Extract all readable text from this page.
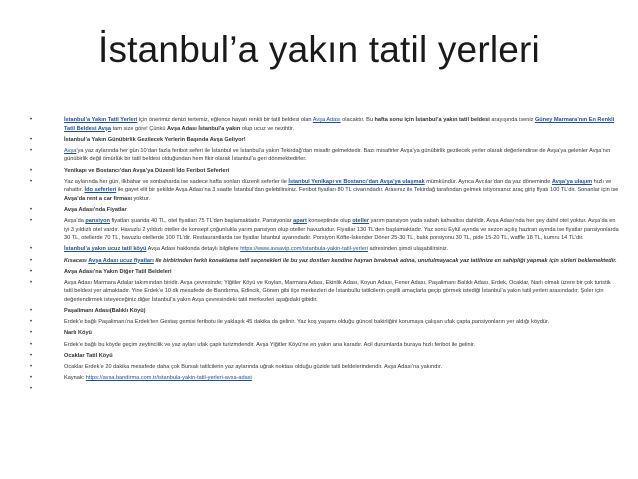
İstanbul’a yakın tatil yerleri
•	İstanbul’a Yakın Tatil Yerleri için önerimiz denizi tertemiz, eğlence hayatı renkli bir tatil beldesi olan Avşa Adası olacaktır. Bu hafta sonu için İstanbul’a yakın tatil beldesi arayışında iseniz Güney Marmara’nın En Renkli Tatil Beldesi Avşa tam size göre! Çünkü Avşa Adası İstanbul’a yakın olup ucuz ve nezihtir.
•	İstanbul’a Yakın Günübirlik Gezilecek Yerlerin Başında Avşa Geliyor!
•	Avşa’ya yaz aylarında her gün 10’dan fazla feribot seferi ile İstanbul ve İstanbul’a yakın Tekirdağ’dan misafir gelmektedir. Bazı misafirler Avşa’ya günübirlik gezilecek yerler olarak değerlendirse de Avşa’ya gelenler Avşa’nın günübirlik değil ömürlük bir tatil beldesi olduğundan hem fikir olarak İstanbul’a geri dönmektedirler.
•	Yenikapı ve Bostancı’dan Avşa’ya Düzenli İdo Feribot Seferleri
•	Yaz aylarında her gün, ilkbahar ve sonbaharda ise sadece hafta sonları düzenli seferler ile İstanbul Yenikapı ve Bostancı’dan Avşa’ya ulaşmak mümkündür. Ayrıca Avcılar’dan da yaz döneminde Avşa’ya ulaşım hızlı ve rahattır. İdo seferleri ile gayet elit bir şekilde Avşa Adası’na 3 saatte İstanbul’dan gelebilirsiniz. Feribot fiyatları 80 TL civarındadır. Arasınız ile Tekirdağ tarafından gelmek istiyorsanız araç giriş fiyatı 100 TL’dir. Sonanlar için ise Avşa’da rent a car firması yoktur.
•	Avşa Adası’nda Fiyatlar
•	Avşa’da pansiyon fiyatları şuanda 40 TL, otel fiyatları 75 TL’den başlamaktadır. Pansiyonlar apart konseptinde olup oteller yarım pansiyon yada sabah kahvaltısı dahildir. Avşa Adası’nda her şey dahil otel yoktur. Avşa’da en iyi 3 yıldızlı otel vardır. Havuzlu 2 yıldızlı oteller de konsept çoğunlukla yarım pansiyon olup oteller havuzludur. Fiyatlar 130 TL’den başlamaktadır. Yaz sonu Eylül ayında ve sezon açılış haziran ayında ise fiyatlar pansiyonlarda 30 TL, otellerde 70 TL, havuzlu otellerde 100 TL’dir. Restaurantlarda ise fiyatlar İstanbul ayarındadır. Porsiyon Köfte-İskender Döner 25-30 TL, balık porsiyonu 30 TL, pide 15-20 TL, waffle 18 TL, kumru 14 TL’dir.
•	İstanbul’a yakın ucuz tatil köyü Avşa Adası hakkında detaylı bilgilere https://www.avsavip.com/istanbula-yakin-tatil-yerleri adresinden şimdi ulaşabilirsiniz.
•	Kısacası Avşa Adası ucuz fiyatları ile birbirinden farklı konaklama tatil seçenekleri ile bu yaz dostları kendine hayran bırakmak adına, unutulmayacak yaz tatilinize en sahipliği yapmak için sizleri beklemektedir.
•	Avşa Adası’na Yakın Diğer Tatil Beldeleri
•	Avşa Adası Marmara Adalar takımından biridir. Avşa çevresinde; Yiğitler Köyü ve Koylan, Marmara Adası, Ekinlik Adası, Koyun Adası, Fener Adası, Paşalimanı Balıklı Adası, Erdek, Ocaklar, Narlı olmak üzere bir çok turistik tatil beldesi yer almaktadır. Yine Erdek’e 10 dk mesafede de Bandırma, Edincik, Gönen gibi ilçe merkezleri de İstanbullu tatilcilerin çeşitli amaçlarla geçip görmek istediği İstanbul’a yakın tatil yerleri arasındadır. Şoler için değerlendirmek isteyeceğiniz diğer İstanbul’a yakın Avşa çevresindeki tatil merkezleri aşağıdaki gibidir.
•	Paşalimanı Adası(Balıklı Köyü)
•	Erdek’e bağlı Paşalimanı’na Erdek’ten Gestaş gemisi feribotu ile yaklaşık 45 dakika da gelinir. Yaz koş yaşamı olduğu güncel bakirliğini korumaya çalışan ufak çapta pansiyonların yer aldığı köydür.
•	Narlı Köyü
•	Erdek’e bağlı bu köyde geçim zeytincilik ve yaz ayları ufak çaplı turizmdendir. Avşa Yiğitler Köyü’ne en yakın ana karadır. Acil durumlarda buraya hızlı feribot ile gelinir.
•	Ocaklar Tatil Köyü
•	Ocaklar Erdek’e 20 dakika mesafede daha çok Bursalı tatilcilerin yaz aylarında uğrak noktası olduğu güzide tatil beldelerindendir. Avşa Adası’na yakındır.
•	Kaynak: https://avsa.bandirma.com.tr/istanbula-yakin-tatil-yerleri-avsa-adasi
•
